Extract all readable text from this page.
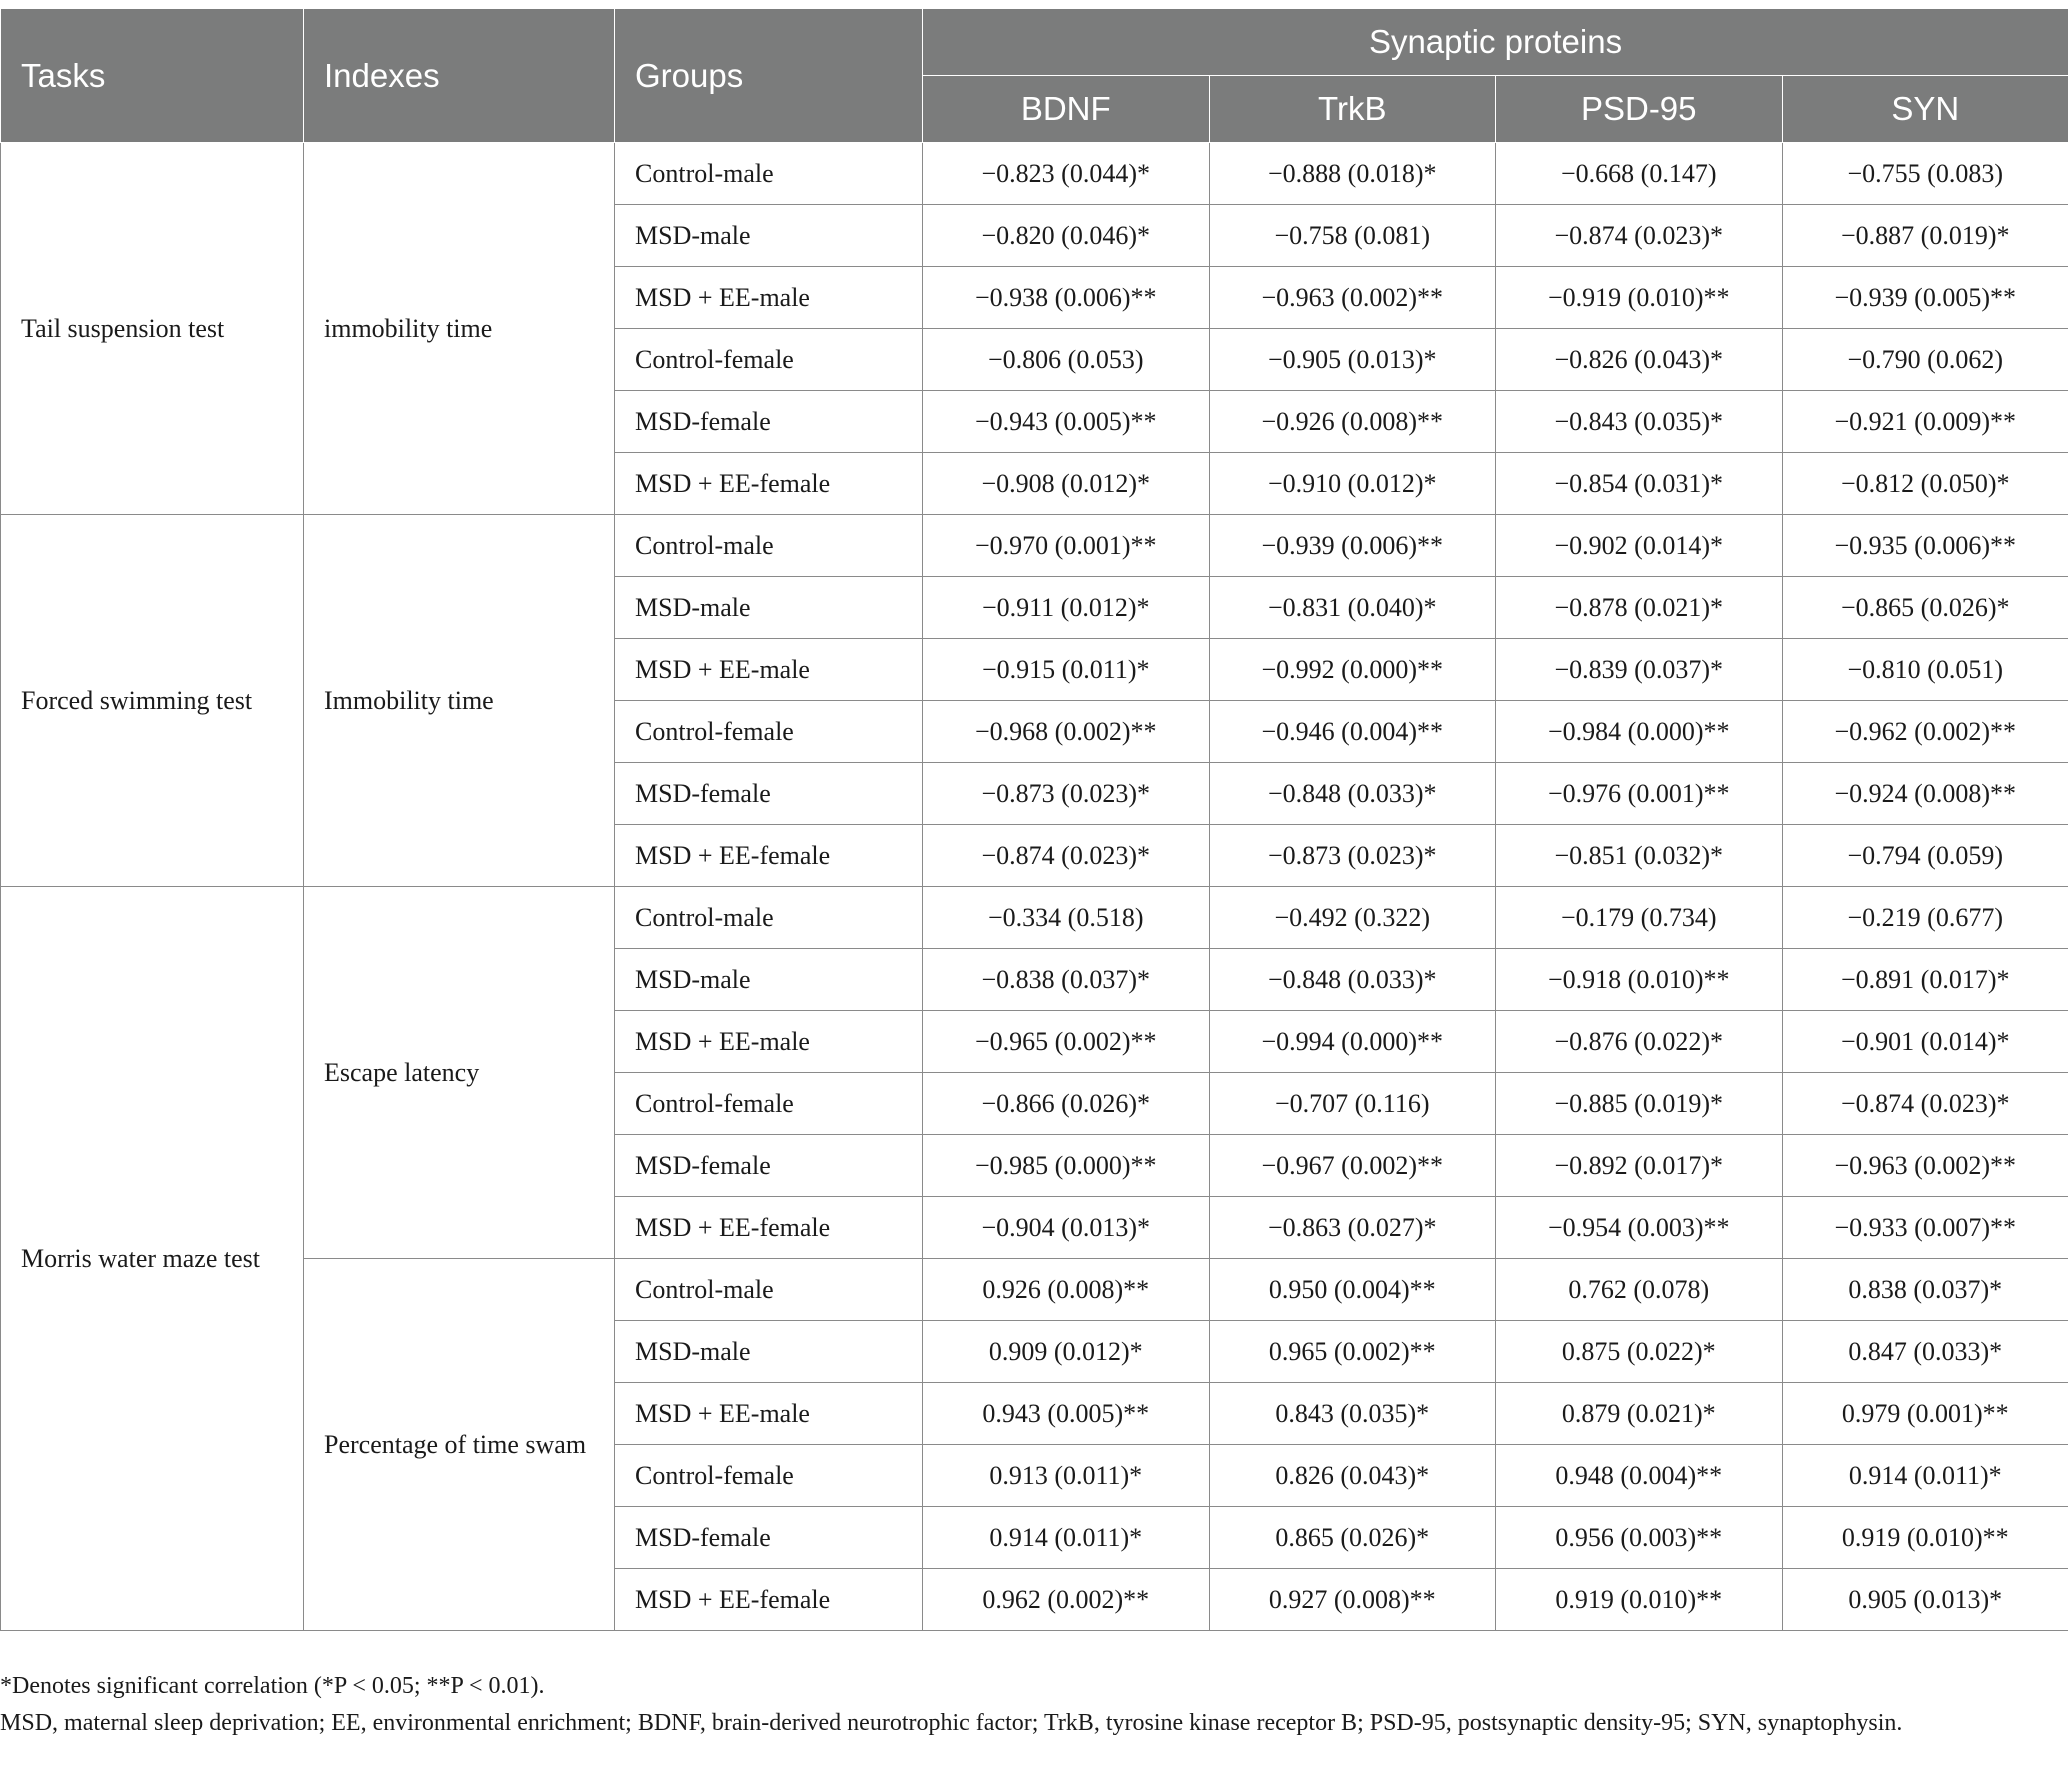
Tasks	Indexes	Groups	Synaptic proteins			
			BDNF	TrkB	PSD-95	SYN
Tail suspension test	immobility time	Control-male	−0.823 (0.044)*	−0.888 (0.018)*	−0.668 (0.147)	−0.755 (0.083)
		MSD-male	−0.820 (0.046)*	−0.758 (0.081)	−0.874 (0.023)*	−0.887 (0.019)*
		MSD + EE-male	−0.938 (0.006)**	−0.963 (0.002)**	−0.919 (0.010)**	−0.939 (0.005)**
		Control-female	−0.806 (0.053)	−0.905 (0.013)*	−0.826 (0.043)*	−0.790 (0.062)
		MSD-female	−0.943 (0.005)**	−0.926 (0.008)**	−0.843 (0.035)*	−0.921 (0.009)**
		MSD + EE-female	−0.908 (0.012)*	−0.910 (0.012)*	−0.854 (0.031)*	−0.812 (0.050)*
Forced swimming test	Immobility time	Control-male	−0.970 (0.001)**	−0.939 (0.006)**	−0.902 (0.014)*	−0.935 (0.006)**
		MSD-male	−0.911 (0.012)*	−0.831 (0.040)*	−0.878 (0.021)*	−0.865 (0.026)*
		MSD + EE-male	−0.915 (0.011)*	−0.992 (0.000)**	−0.839 (0.037)*	−0.810 (0.051)
		Control-female	−0.968 (0.002)**	−0.946 (0.004)**	−0.984 (0.000)**	−0.962 (0.002)**
		MSD-female	−0.873 (0.023)*	−0.848 (0.033)*	−0.976 (0.001)**	−0.924 (0.008)**
		MSD + EE-female	−0.874 (0.023)*	−0.873 (0.023)*	−0.851 (0.032)*	−0.794 (0.059)
Morris water maze test	Escape latency	Control-male	−0.334 (0.518)	−0.492 (0.322)	−0.179 (0.734)	−0.219 (0.677)
		MSD-male	−0.838 (0.037)*	−0.848 (0.033)*	−0.918 (0.010)**	−0.891 (0.017)*
		MSD + EE-male	−0.965 (0.002)**	−0.994 (0.000)**	−0.876 (0.022)*	−0.901 (0.014)*
		Control-female	−0.866 (0.026)*	−0.707 (0.116)	−0.885 (0.019)*	−0.874 (0.023)*
		MSD-female	−0.985 (0.000)**	−0.967 (0.002)**	−0.892 (0.017)*	−0.963 (0.002)**
		MSD + EE-female	−0.904 (0.013)*	−0.863 (0.027)*	−0.954 (0.003)**	−0.933 (0.007)**
	Percentage of time swam	Control-male	0.926 (0.008)**	0.950 (0.004)**	0.762 (0.078)	0.838 (0.037)*
		MSD-male	0.909 (0.012)*	0.965 (0.002)**	0.875 (0.022)*	0.847 (0.033)*
		MSD + EE-male	0.943 (0.005)**	0.843 (0.035)*	0.879 (0.021)*	0.979 (0.001)**
		Control-female	0.913 (0.011)*	0.826 (0.043)*	0.948 (0.004)**	0.914 (0.011)*
		MSD-female	0.914 (0.011)*	0.865 (0.026)*	0.956 (0.003)**	0.919 (0.010)**
		MSD + EE-female	0.962 (0.002)**	0.927 (0.008)**	0.919 (0.010)**	0.905 (0.013)*

*Denotes significant correlation (*P < 0.05; **P < 0.01).

MSD, maternal sleep deprivation; EE, environmental enrichment; BDNF, brain-derived neurotrophic factor; TrkB, tyrosine kinase receptor B; PSD-95, postsynaptic density-95; SYN, synaptophysin.
